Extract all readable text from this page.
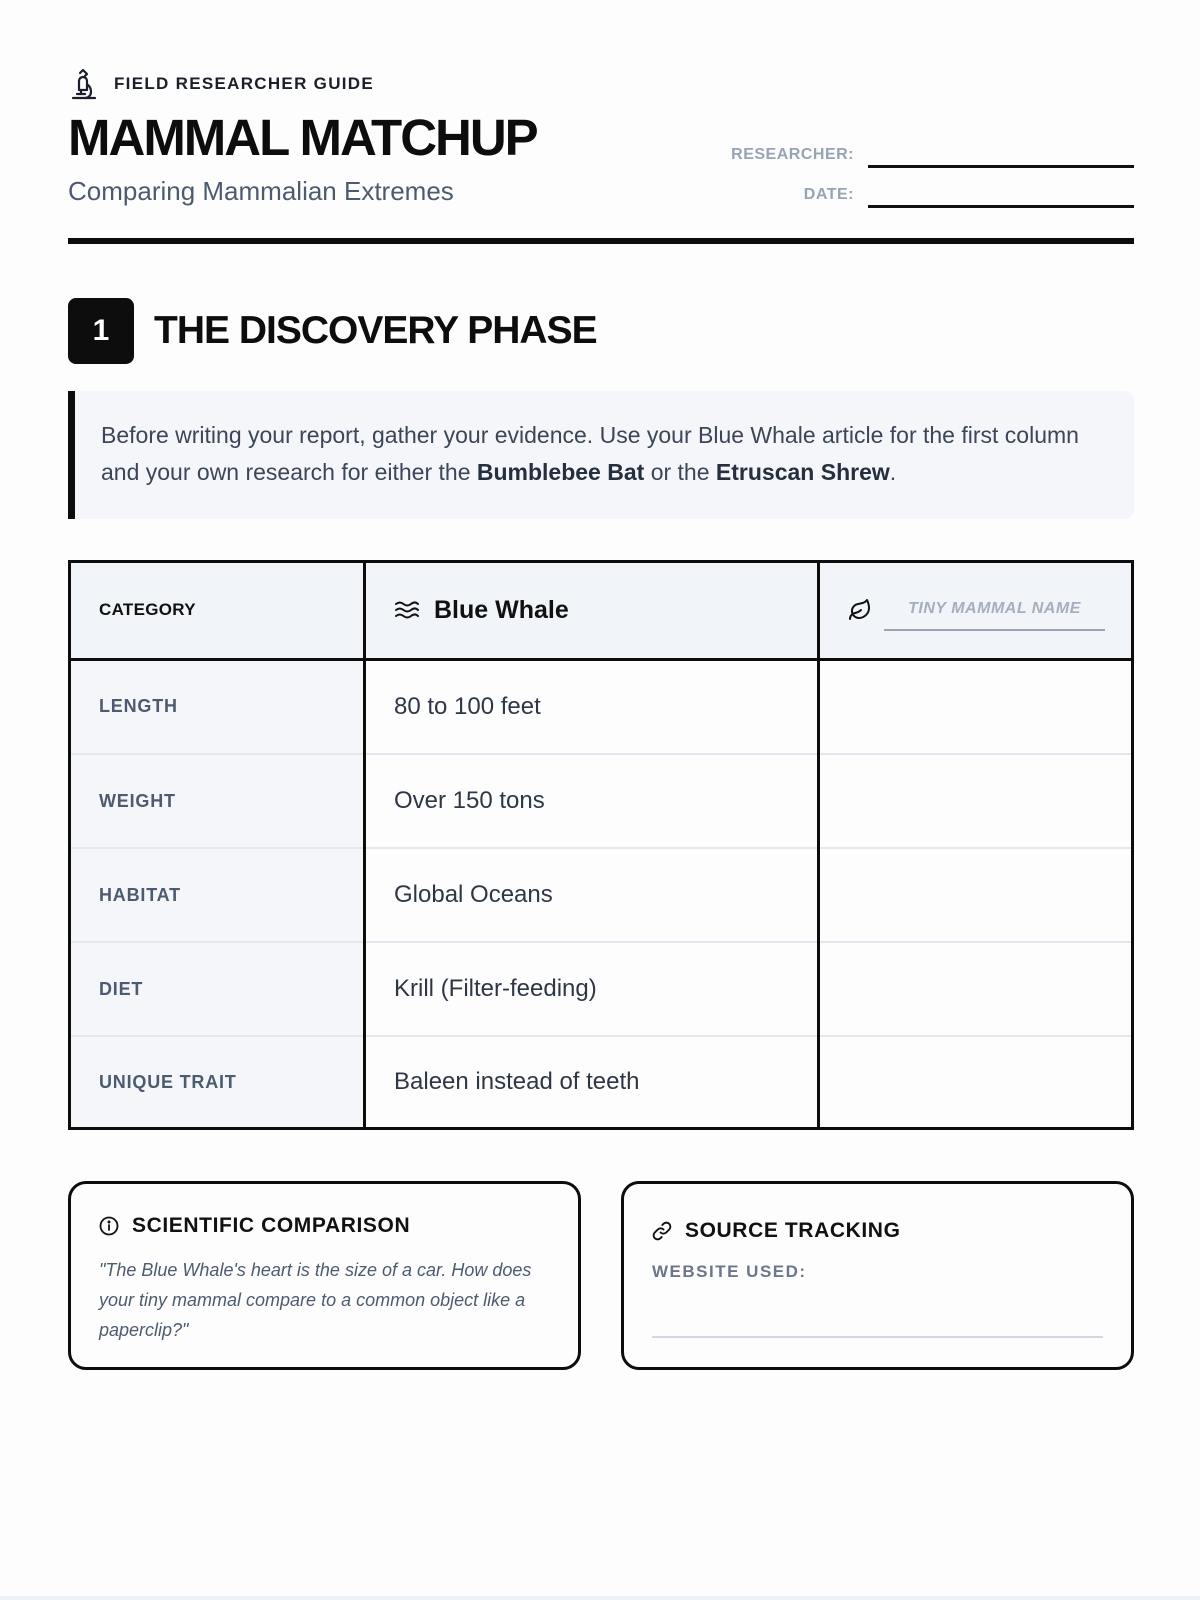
FIELD RESEARCHER GUIDE
MAMMAL MATCHUP
Comparing Mammalian Extremes
RESEARCHER:
DATE:
1	THE DISCOVERY PHASE

Before writing your report, gather your evidence. Use your Blue Whale article for the first column and your own research for either the Bumblebee Bat or the Etruscan Shrew.

CATEGORY	Blue Whale	TINY MAMMAL NAME

LENGTH	80 to 100 feet	
WEIGHT	Over 150 tons	
HABITAT	Global Oceans	
DIET	Krill (Filter-feeding)	
UNIQUE TRAIT	Baleen instead of teeth	
SCIENTIFIC COMPARISON

"The Blue Whale's heart is the size of a car. How does your tiny mammal compare to a common object like a paperclip?"

SOURCE TRACKING
WEBSITE USED:
